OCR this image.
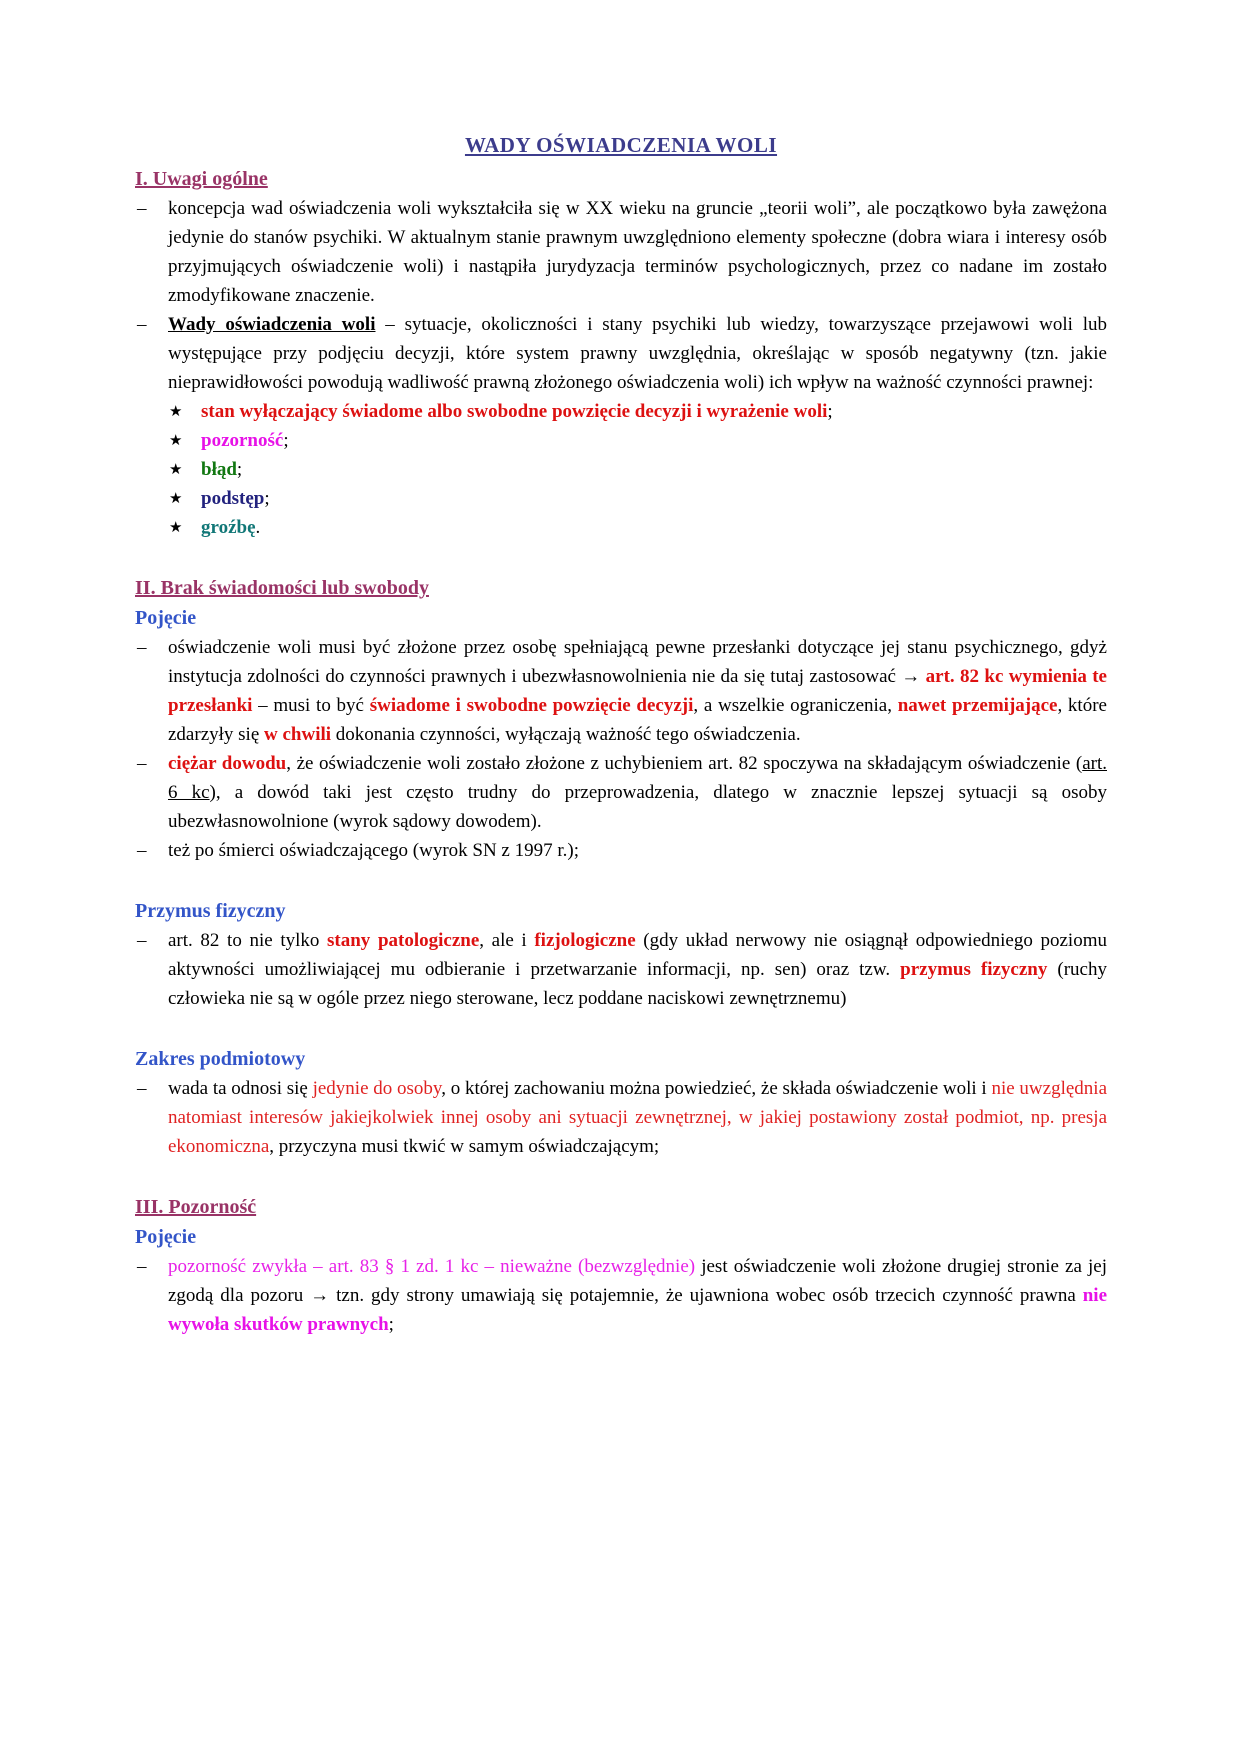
WADY OŚWIADCZENIA WOLI
I. Uwagi ogólne
– koncepcja wad oświadczenia woli wykształciła się w XX wieku na gruncie „teorii woli”, ale początkowo była zawężona jedynie do stanów psychiki. W aktualnym stanie prawnym uwzględniono elementy społeczne (dobra wiara i interesy osób przyjmujących oświadczenie woli) i nastąpiła jurydyzacja terminów psychologicznych, przez co nadane im zostało zmodyfikowane znaczenie.
– Wady oświadczenia woli – sytuacje, okoliczności i stany psychiki lub wiedzy, towarzyszące przejawowi woli lub występujące przy podjęciu decyzji, które system prawny uwzględnia, określając w sposób negatywny (tzn. jakie nieprawidłowości powodują wadliwość prawną złożonego oświadczenia woli) ich wpływ na ważność czynności prawnej:
★ stan wyłączający świadome albo swobodne powzięcie decyzji i wyrażenie woli;
★ pozorność;
★ błąd;
★ podstęp;
★ groźbę.
II. Brak świadomości lub swobody
Pojęcie
– oświadczenie woli musi być złożone przez osobę spełniającą pewne przesłanki dotyczące jej stanu psychicznego, gdyż instytucja zdolności do czynności prawnych i ubezwłasnowolnienia nie da się tutaj zastosować → art. 82 kc wymienia te przesłanki – musi to być świadome i swobodne powzięcie decyzji, a wszelkie ograniczenia, nawet przemijające, które zdarzyły się w chwili dokonania czynności, wyłączają ważność tego oświadczenia.
– ciężar dowodu, że oświadczenie woli zostało złożone z uchybieniem art. 82 spoczywa na składającym oświadczenie (art. 6 kc), a dowód taki jest często trudny do przeprowadzenia, dlatego w znacznie lepszej sytuacji są osoby ubezwłasnowolnione (wyrok sądowy dowodem).
– też po śmierci oświadczającego (wyrok SN z 1997 r.);
Przymus fizyczny
– art. 82 to nie tylko stany patologiczne, ale i fizjologiczne (gdy układ nerwowy nie osiągnął odpowiedniego poziomu aktywności umożliwiającej mu odbieranie i przetwarzanie informacji, np. sen) oraz tzw. przymus fizyczny (ruchy człowieka nie są w ogóle przez niego sterowane, lecz poddane naciskowi zewnętrznemu)
Zakres podmiotowy
– wada ta odnosi się jedynie do osoby, o której zachowaniu można powiedzieć, że składa oświadczenie woli i nie uwzględnia natomiast interesów jakiejkolwiek innej osoby ani sytuacji zewnętrznej, w jakiej postawiony został podmiot, np. presja ekonomiczna, przyczyna musi tkwić w samym oświadczającym;
III. Pozorność
Pojęcie
– pozorność zwykła – art. 83 § 1 zd. 1 kc – nieważne (bezwzględnie) jest oświadczenie woli złożone drugiej stronie za jej zgodą dla pozoru → tzn. gdy strony umawiają się potajemnie, że ujawniona wobec osób trzecich czynność prawna nie wywoła skutków prawnych;
